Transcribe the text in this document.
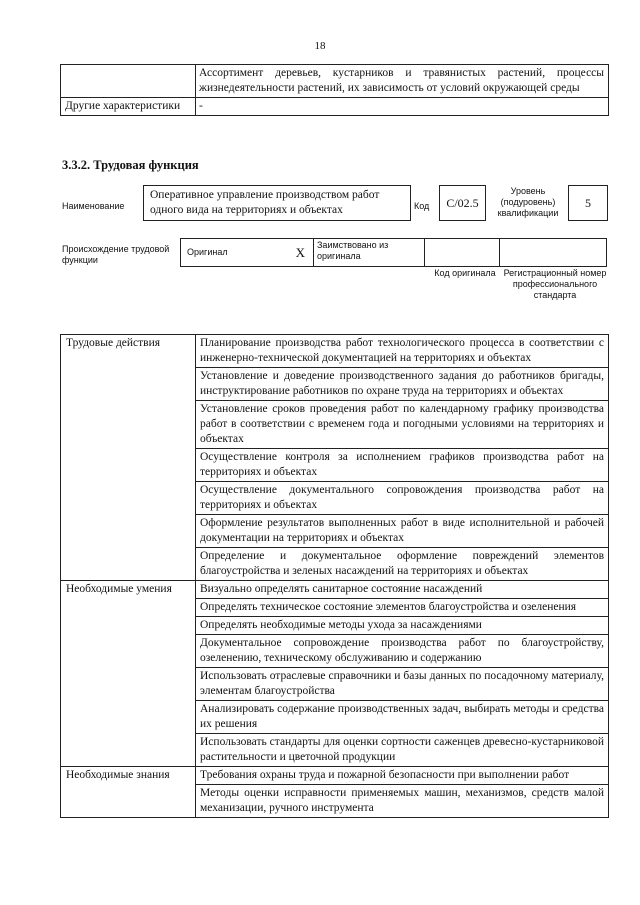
18
	Ассортимент деревьев, кустарников и травянистых растений, процессы жизнедеятельности растений, их зависимость от условий окружающей среды
Другие характеристики	-
3.3.2. Трудовая функция
Наименование
Оперативное управление производством работ одного вида на территориях и объектах	Код	С/02.5
Уровень (подуровень) квалификации
5
Происхождение трудовой функции
Оригинал	X	Заимствовано из оригинала
Код оригинала Регистрационный номер профессионального стандарта
Трудовые действия	Планирование производства работ технологического процесса в соответствии с инженерно-технической документацией на территориях и объектах
	Установление и доведение производственного задания до работников бригады, инструктирование работников по охране труда на территориях и объектах
	Установление сроков проведения работ по календарному графику производства работ в соответствии с временем года и погодными условиями на территориях и объектах
	Осуществление контроля за исполнением графиков производства работ на территориях и объектах
	Осуществление документального сопровождения производства работ на территориях и объектах
	Оформление результатов выполненных работ в виде исполнительной и рабочей документации на территориях и объектах
	Определение и документальное оформление повреждений элементов благоустройства и зеленых насаждений на территориях и объектах
Необходимые умения	Визуально определять санитарное состояние насаждений
	Определять техническое состояние элементов благоустройства и озеленения
	Определять необходимые методы ухода за насаждениями
	Документальное сопровождение производства работ по благоустройству, озеленению, техническому обслуживанию и содержанию
	Использовать отраслевые справочники и базы данных по посадочному материалу, элементам благоустройства
	Анализировать содержание производственных задач, выбирать методы и средства их решения
	Использовать стандарты для оценки сортности саженцев древесно-кустарниковой растительности и цветочной продукции
Необходимые знания	Требования охраны труда и пожарной безопасности при выполнении работ
	Методы оценки исправности применяемых машин, механизмов, средств малой механизации, ручного инструмента
